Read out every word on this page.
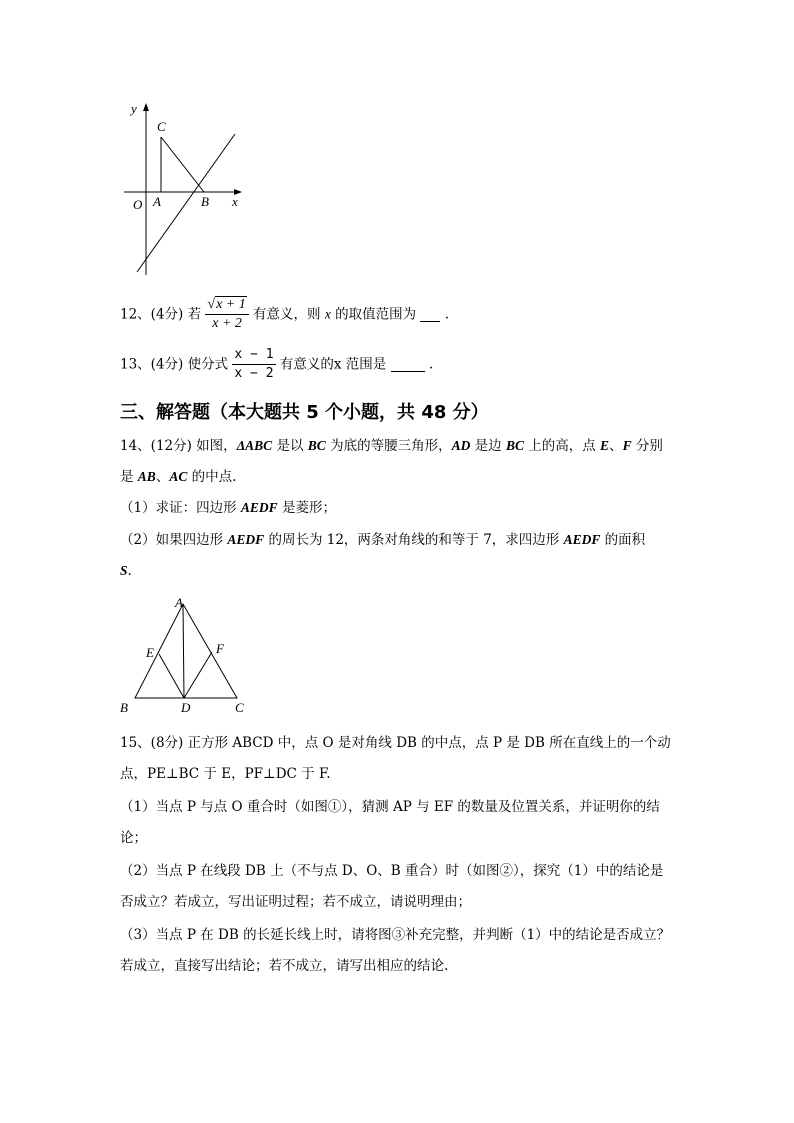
y
C
O A	B x
12、(4分) 若 $\frac{√x + 1}{x + 2}$ 有意义，则 x 的取值范围为 .
13、(4分) 使分式 $\frac{x - 1}{x - 2}$ 有意义的x 范围是	.
三、解答题（本大题共 5 个小题，共 48 分）
14、(12分) 如图，ΔABC 是以 BC 为底的等腰三角形，AD 是边 BC 上的高，点 E、F 分别
是 AB、AC 的中点.
（1）求证：四边形 AEDF 是菱形；
（2）如果四边形 AEDF 的周长为 12，两条对角线的和等于 7，求四边形 AEDF 的面积
S.
A
E	F
B	D	C
15、(8分) 正方形 ABCD 中，点 O 是对角线 DB 的中点，点 P 是 DB 所在直线上的一个动
点，PE⊥BC 于 E，PF⊥DC 于 F.
（1）当点 P 与点 O 重合时（如图①），猜测 AP 与 EF 的数量及位置关系，并证明你的结
论；
（2）当点 P 在线段 DB 上（不与点 D、O、B 重合）时（如图②），探究（1）中的结论是
否成立？若成立，写出证明过程；若不成立，请说明理由；
（3）当点 P 在 DB 的长延长线上时，请将图③补充完整，并判断（1）中的结论是否成立？
若成立，直接写出结论；若不成立，请写出相应的结论.
